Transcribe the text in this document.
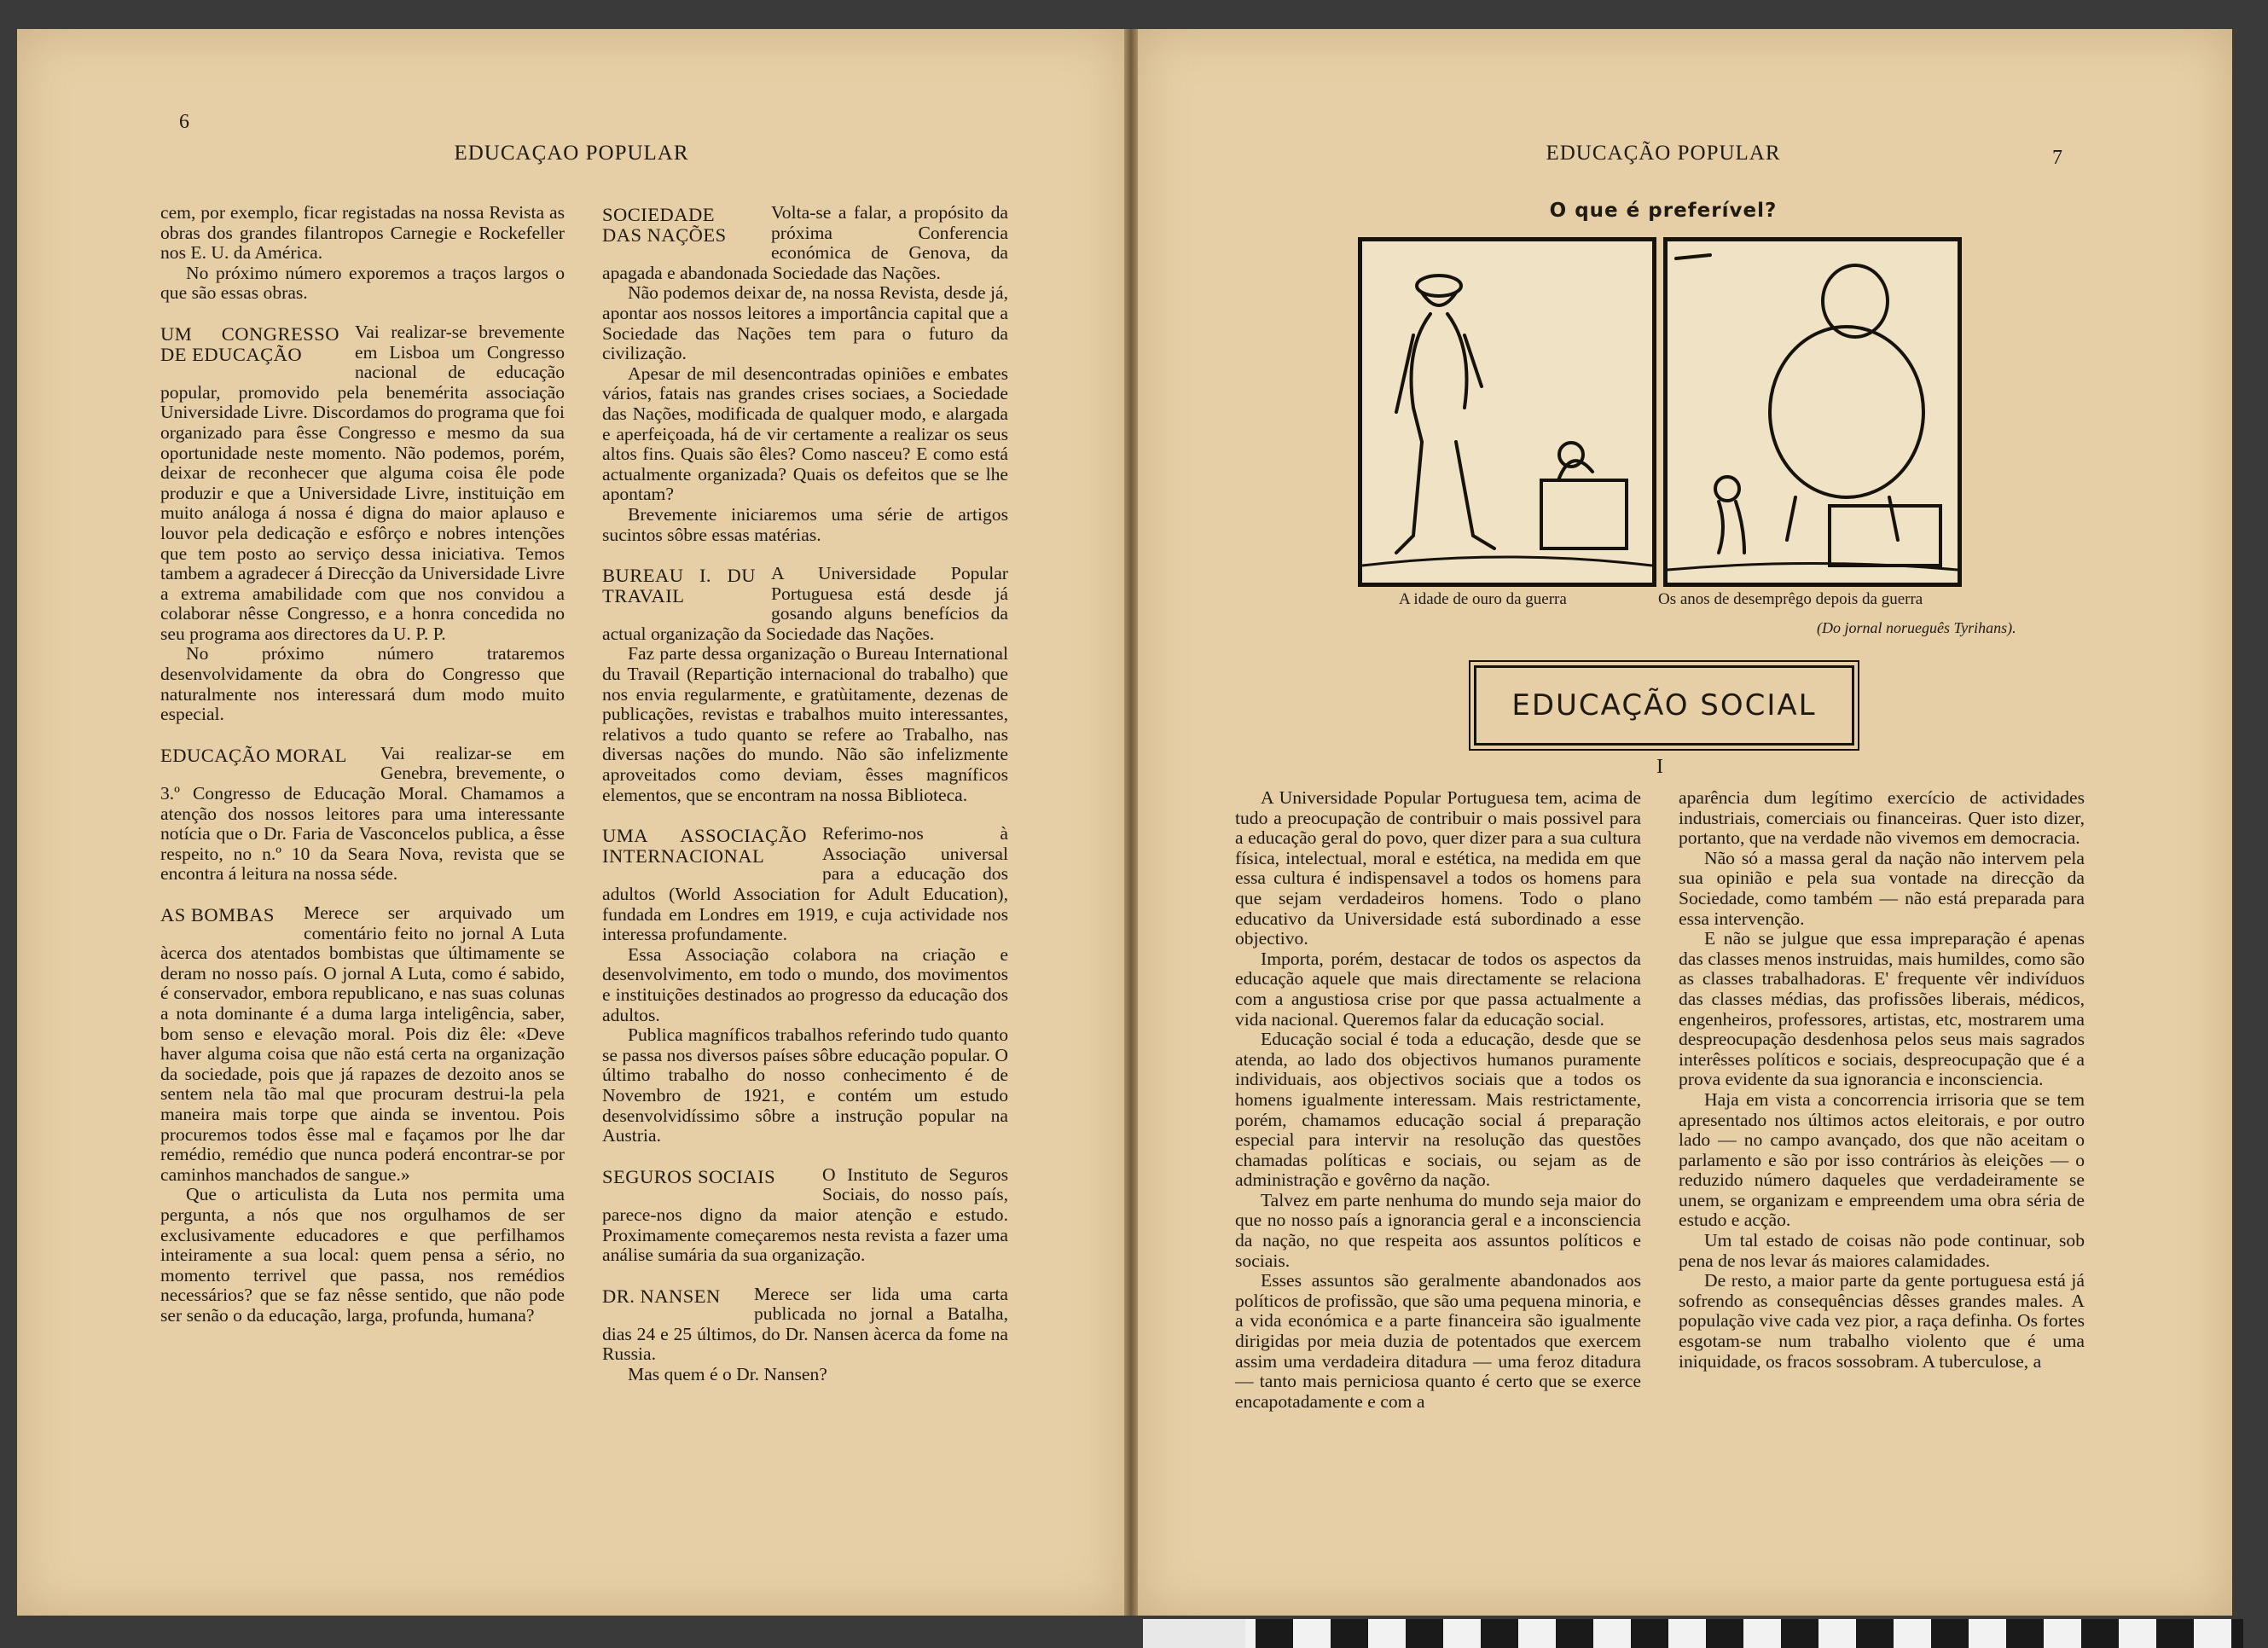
6
EDUCAÇAO POPULAR

cem, por exemplo, ficar registadas na nossa Revista as obras dos grandes filantropos Carnegie e Rockefeller nos E. U. da América.

No próximo número exporemos a traços largos o que são essas obras.

UM CONGRESSO DE EDUCAÇÃO

Vai realizar-se brevemente em Lisboa um Congresso nacional de educação popular, promovido pela benemérita associação Universidade Livre. Discordamos do programa que foi organizado para êsse Congresso e mesmo da sua oportunidade neste momento. Não podemos, porém, deixar de reconhecer que alguma coisa êle pode produzir e que a Universidade Livre, instituição em muito análoga á nossa é digna do maior aplauso e louvor pela dedicação e esfôrço e nobres intenções que tem posto ao serviço dessa iniciativa. Temos tambem a agradecer á Direcção da Universidade Livre a extrema amabilidade com que nos convidou a colaborar nêsse Congresso, e a honra concedida no seu programa aos directores da U. P. P.

No próximo número trataremos desenvolvidamente da obra do Congresso que naturalmente nos interessará dum modo muito especial.

EDUCAÇÃO MORAL	Vai realizar-se em Genebra, brevemente, o 3.º Congresso de Educação Moral. Chamamos a atenção dos nossos leitores para uma interessante notícia que o Dr. Faria de Vasconcelos publica, a êsse respeito, no n.º 10 da Seara Nova, revista que se encontra á leitura na nossa séde.

AS BOMBAS	Merece ser arquivado um comentário feito no jornal A Luta àcerca dos atentados bombistas que últimamente se deram no nosso país. O jornal A Luta, como é sabido, é conservador, embora republicano, e nas suas colunas a nota dominante é a duma larga inteligência, saber, bom senso e elevação moral. Pois diz êle: «Deve haver alguma coisa que não está certa na organização da sociedade, pois que já rapazes de dezoito anos se sentem nela tão mal que procuram destrui-la pela maneira mais torpe que ainda se inventou. Pois procuremos todos êsse mal e façamos por lhe dar remédio, remédio que nunca poderá encontrar-se por caminhos manchados de sangue.»

Que o articulista da Luta nos permita uma pergunta, a nós que nos orgulhamos de ser exclusivamente educadores e que perfilhamos inteiramente a sua local: quem pensa a sério, no momento terrivel que passa, nos remédios necessários? que se faz nêsse sentido, que não pode ser senão o da educação, larga, profunda, humana?

SOCIEDADE DAS NAÇÕES

Volta-se a falar, a propósito da próxima Conferencia económica de Genova, da apagada e abandonada Sociedade das Nações.

Não podemos deixar de, na nossa Revista, desde já, apontar aos nossos leitores a importância capital que a Sociedade das Nações tem para o futuro da civilização.

Apesar de mil desencontradas opiniões e embates vários, fatais nas grandes crises sociaes, a Sociedade das Nações, modificada de qualquer modo, e alargada e aperfeiçoada, há de vir certamente a realizar os seus altos fins. Quais são êles? Como nasceu? E como está actualmente organizada? Quais os defeitos que se lhe apontam?

Brevemente iniciaremos uma série de artigos sucintos sôbre essas matérias.

BUREAU I. DU TRAVAIL

A Universidade Popular Portuguesa está desde já gosando alguns benefícios da actual organização da Sociedade das Nações.

Faz parte dessa organização o Bureau International du Travail (Repartição internacional do trabalho) que nos envia regularmente, e gratùitamente, dezenas de publicações, revistas e trabalhos muito interessantes, relativos a tudo quanto se refere ao Trabalho, nas diversas nações do mundo. Não são infelizmente aproveitados como deviam, êsses magníficos elementos, que se encontram na nossa Biblioteca.

UMA ASSOCIAÇÃO INTERNACIONAL

Referimo-nos à Associação universal para a educação dos adultos (World Association for Adult Education), fundada em Londres em 1919, e cuja actividade nos interessa profundamente.

Essa Associação colabora na criação e desenvolvimento, em todo o mundo, dos movimentos e instituições destinados ao progresso da educação dos adultos.

Publica magníficos trabalhos referindo tudo quanto se passa nos diversos países sôbre educação popular. O último trabalho do nosso conhecimento é de Novembro de 1921, e contém um estudo desenvolvidíssimo sôbre a instrução popular na Austria.

SEGUROS SOCIAIS	O Instituto de Seguros Sociais, do nosso país, parece-nos digno da maior atenção e estudo. Proximamente começaremos nesta revista a fazer uma análise sumária da sua organização.

DR. NANSEN	Merece ser lida uma carta publicada no jornal a Batalha, dias 24 e 25 últimos, do Dr. Nansen àcerca da fome na Russia.

Mas quem é o Dr. Nansen?

EDUCAÇÃO POPULAR	7
O que é preferível?
A idade de ouro da guerra	Os anos de desemprêgo depois da guerra
(Do jornal norueguês Tyrihans).
EDUCAÇÃO SOCIAL
I

A Universidade Popular Portuguesa tem, acima de tudo a preocupação de contribuir o mais possivel para a educação geral do povo, quer dizer para a sua cultura física, intelectual, moral e estética, na medida em que essa cultura é indispensavel a todos os homens para que sejam verdadeiros homens. Todo o plano educativo da Universidade está subordinado a esse objectivo.

Importa, porém, destacar de todos os aspectos da educação aquele que mais directamente se relaciona com a angustiosa crise por que passa actualmente a vida nacional. Queremos falar da educação social.

Educação social é toda a educação, desde que se atenda, ao lado dos objectivos humanos puramente individuais, aos objectivos sociais que a todos os homens igualmente interessam. Mais restrictamente, porém, chamamos educação social á preparação especial para intervir na resolução das questões chamadas políticas e sociais, ou sejam as de administração e govêrno da nação.

Talvez em parte nenhuma do mundo seja maior do que no nosso país a ignorancia geral e a inconsciencia da nação, no que respeita aos assuntos políticos e sociais.

Esses assuntos são geralmente abandonados aos políticos de profissão, que são uma pequena minoria, e a vida económica e a parte financeira são igualmente dirigidas por meia duzia de potentados que exercem assim uma verdadeira ditadura — uma feroz ditadura — tanto mais perniciosa quanto é certo que se exerce encapotadamente e com a

aparência dum legítimo exercício de actividades industriais, comerciais ou financeiras. Quer isto dizer, portanto, que na verdade não vivemos em democracia.

Não só a massa geral da nação não intervem pela sua opinião e pela sua vontade na direcção da Sociedade, como também — não está preparada para essa intervenção.

E não se julgue que essa impreparação é apenas das classes menos instruidas, mais humildes, como são as classes trabalhadoras. E' frequente vêr indivíduos das classes médias, das profissões liberais, médicos, engenheiros, professores, artistas, etc, mostrarem uma despreocupação desdenhosa pelos seus mais sagrados interêsses políticos e sociais, despreocupação que é a prova evidente da sua ignorancia e inconsciencia.

Haja em vista a concorrencia irrisoria que se tem apresentado nos últimos actos eleitorais, e por outro lado — no campo avançado, dos que não aceitam o parlamento e são por isso contrários às eleições — o reduzido número daqueles que verdadeiramente se unem, se organizam e empreendem uma obra séria de estudo e acção.

Um tal estado de coisas não pode continuar, sob pena de nos levar ás maiores calamidades.

De resto, a maior parte da gente portuguesa está já sofrendo as consequências dêsses grandes males. A população vive cada vez pior, a raça definha. Os fortes esgotam-se num trabalho violento que é uma iniquidade, os fracos sossobram. A tuberculose, a
